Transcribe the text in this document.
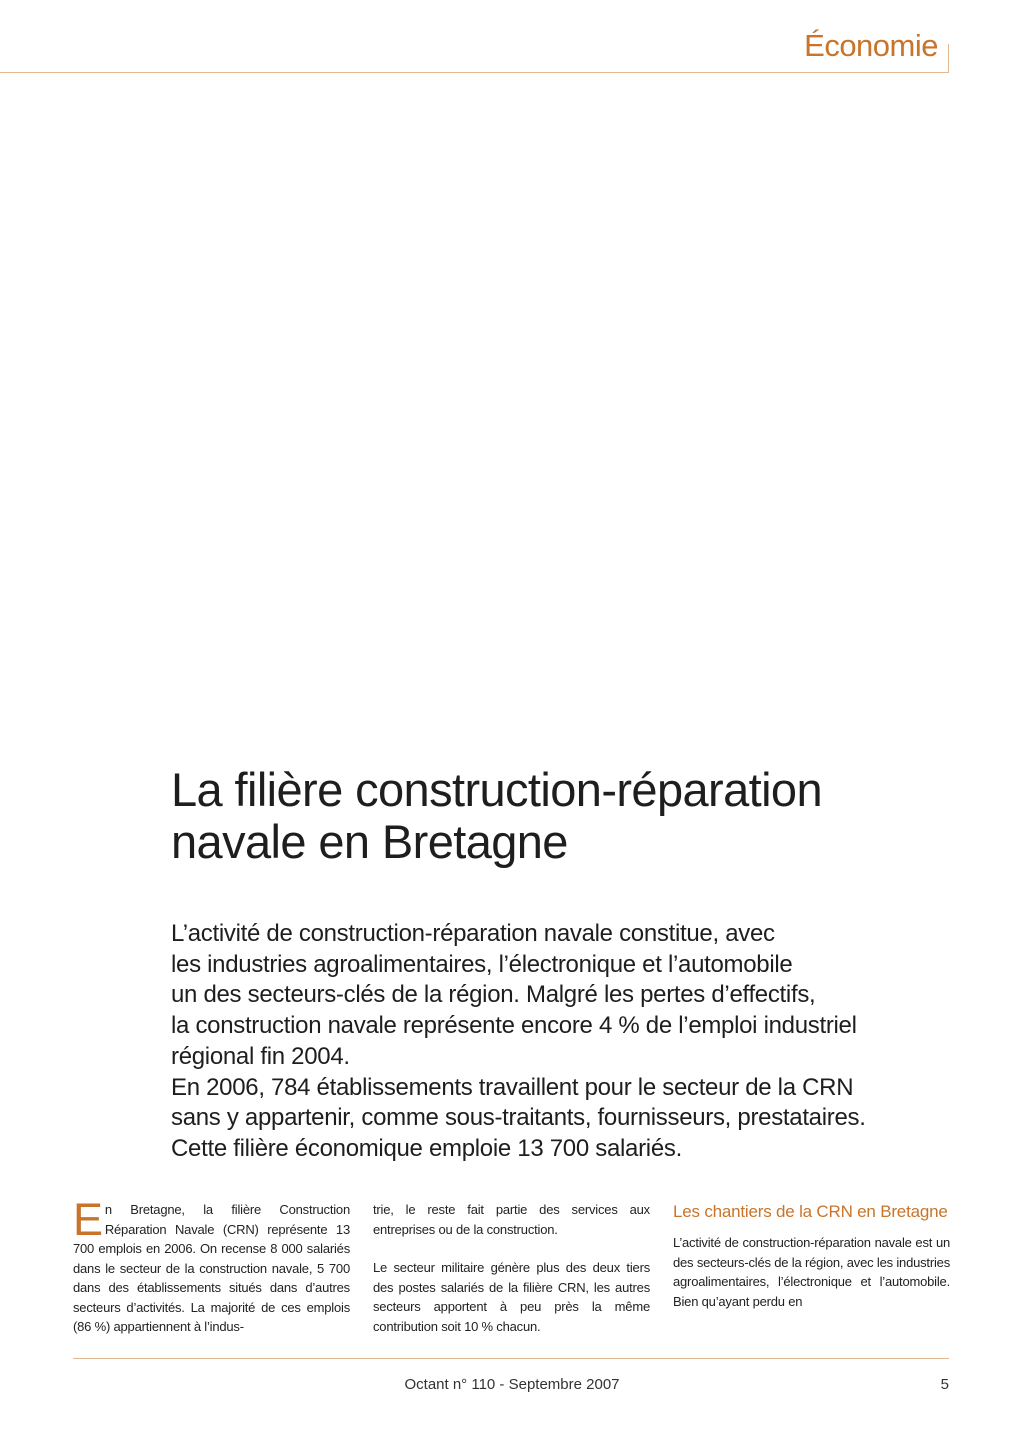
Économie
La filière construction-réparation
navale en Bretagne

L’activité de construction-réparation navale constitue, avec

les industries agroalimentaires, l’électronique et l’automobile

un des secteurs-clés de la région. Malgré les pertes d’effectifs,

la construction navale représente encore 4 % de l’emploi industriel

régional fin 2004.

En 2006, 784 établissements travaillent pour le secteur de la CRN

sans y appartenir, comme sous-traitants, fournisseurs, prestataires.

Cette filière économique emploie 13 700 salariés.

En Bretagne, la filière Construction Réparation Navale (CRN) représente 13 700 emplois en 2006. On recense 8 000 salariés dans le secteur de la construction navale, 5 700 dans des établissements situés dans d’autres secteurs d’activités. La majorité de ces emplois (86 %) appartiennent à l’indus-

trie, le reste fait partie des services aux entreprises ou de la construction.

Le secteur militaire génère plus des deux tiers des postes salariés de la filière CRN, les autres secteurs apportent à peu près la même contribution soit 10 % chacun.

Les chantiers de la CRN en Bretagne

L’activité de construction-réparation navale est un des secteurs-clés de la région, avec les industries agroalimentaires, l’électronique et l’automobile. Bien qu’ayant perdu en

Octant n° 110 - Septembre 2007	5
